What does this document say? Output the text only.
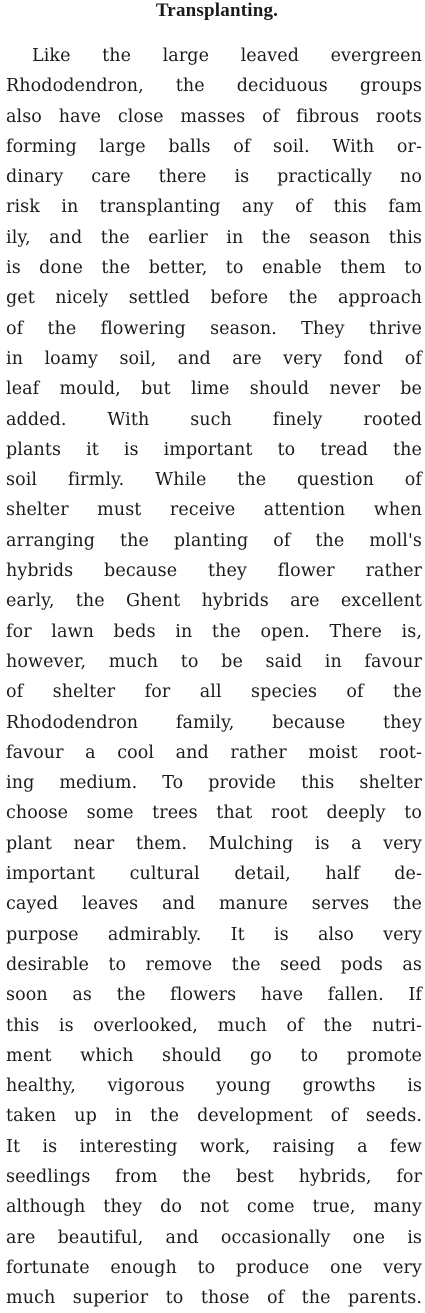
Transplanting.
Like the large leaved evergreen
Rhododendron, the deciduous groups
also have close masses of fibrous roots
forming large balls of soil. With or-
dinary care there is practically no
risk in transplanting any of this fam
ily, and the earlier in the season this
is done the better, to enable them to
get nicely settled before the approach
of the flowering season. They thrive
in loamy soil, and are very fond of
leaf mould, but lime should never be
added. With such finely rooted
plants it is important to tread the
soil firmly. While the question of
shelter must receive attention when
arranging the planting of the moll's
hybrids because they flower rather
early, the Ghent hybrids are excellent
for lawn beds in the open. There is,
however, much to be said in favour
of shelter for all species of the
Rhododendron family, because they
favour a cool and rather moist root-
ing medium. To provide this shelter
choose some trees that root deeply to
plant near them. Mulching is a very
important cultural detail, half de-
cayed leaves and manure serves the
purpose admirably. It is also very
desirable to remove the seed pods as
soon as the flowers have fallen. If
this is overlooked, much of the nutri-
ment which should go to promote
healthy, vigorous young growths is
taken up in the development of seeds.
It is interesting work, raising a few
seedlings from the best hybrids, for
although they do not come true, many
are beautiful, and occasionally one is
fortunate enough to produce one very
much superior to those of the parents.
